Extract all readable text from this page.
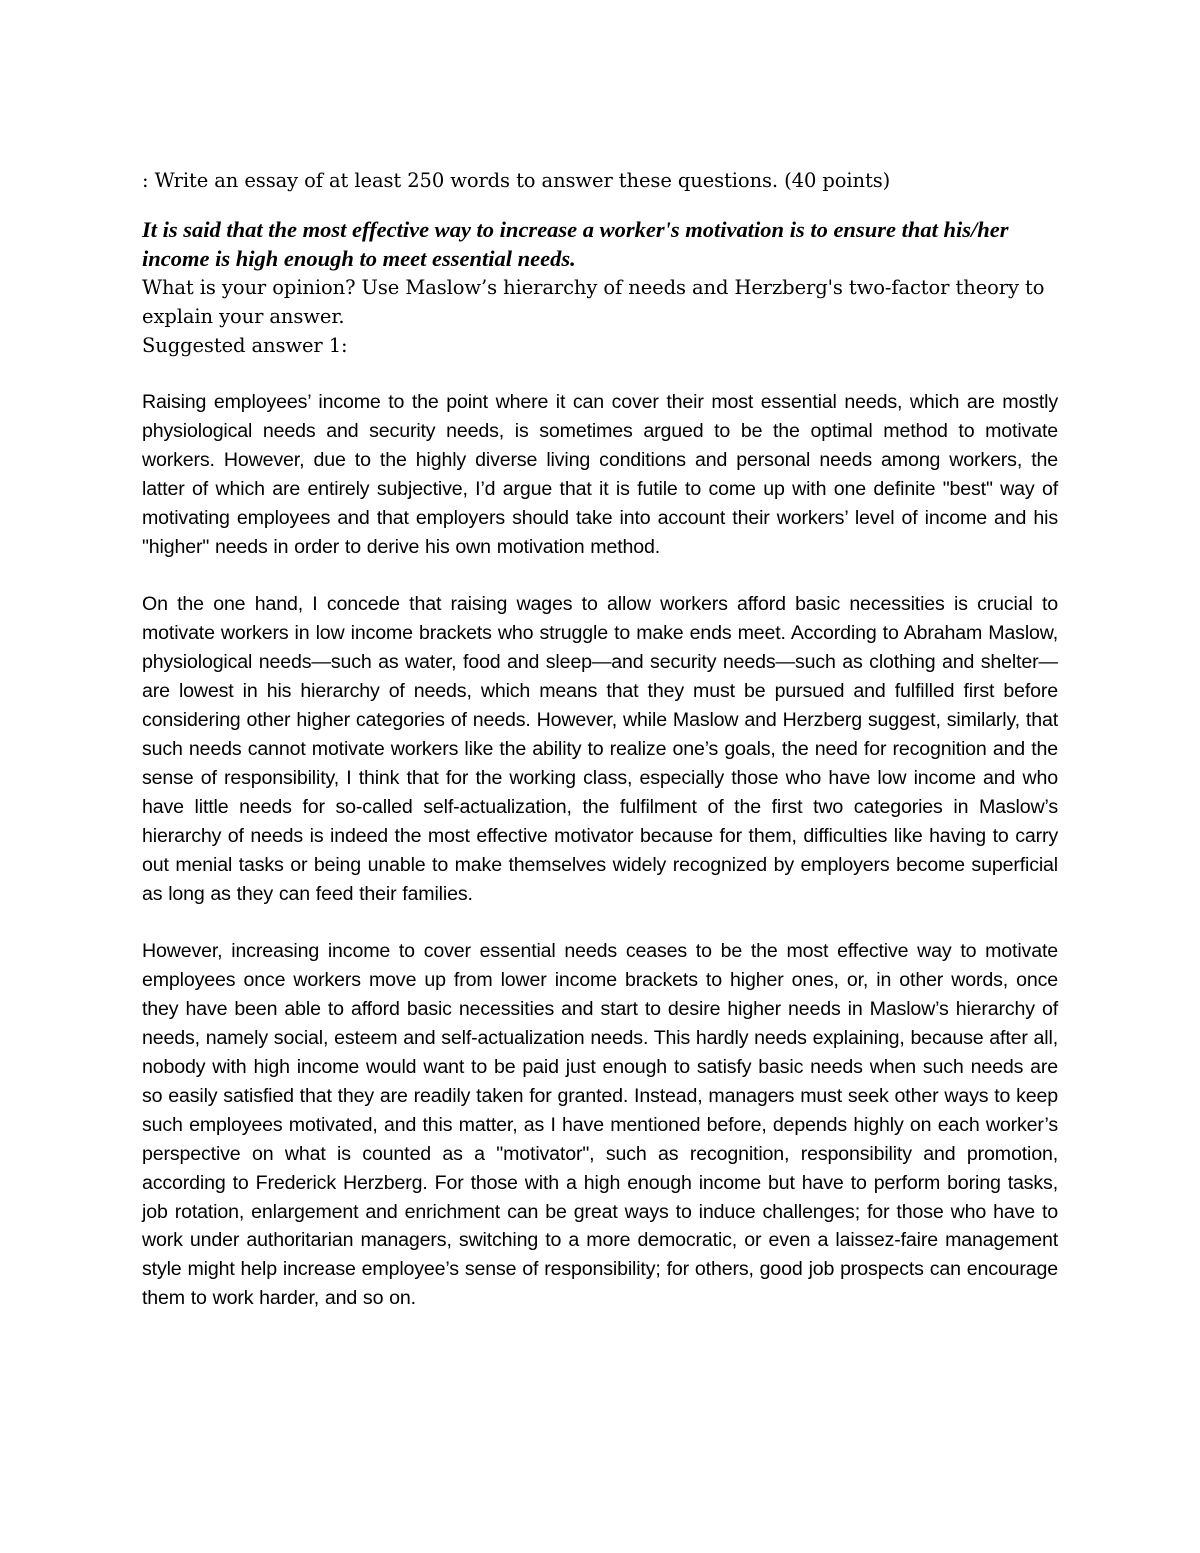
: Write an essay of at least 250 words to answer these questions. (40 points)

It is said that the most effective way to increase a worker's motivation is to ensure that his/her income is high enough to meet essential needs.

What is your opinion? Use Maslow’s hierarchy of needs and Herzberg's two-factor theory to explain your answer.

Suggested answer 1:

Raising employees’ income to the point where it can cover their most essential needs, which are mostly physiological needs and security needs, is sometimes argued to be the optimal method to motivate workers. However, due to the highly diverse living conditions and personal needs among workers, the latter of which are entirely subjective, I’d argue that it is futile to come up with one definite "best" way of motivating employees and that employers should take into account their workers’ level of income and his "higher" needs in order to derive his own motivation method.

On the one hand, I concede that raising wages to allow workers afford basic necessities is crucial to motivate workers in low income brackets who struggle to make ends meet. According to Abraham Maslow, physiological needs—such as water, food and sleep—and security needs—such as clothing and shelter—are lowest in his hierarchy of needs, which means that they must be pursued and fulfilled first before considering other higher categories of needs. However, while Maslow and Herzberg suggest, similarly, that such needs cannot motivate workers like the ability to realize one’s goals, the need for recognition and the sense of responsibility, I think that for the working class, especially those who have low income and who have little needs for so-called self-actualization, the fulfilment of the first two categories in Maslow’s hierarchy of needs is indeed the most effective motivator because for them, difficulties like having to carry out menial tasks or being unable to make themselves widely recognized by employers become superficial as long as they can feed their families.

However, increasing income to cover essential needs ceases to be the most effective way to motivate employees once workers move up from lower income brackets to higher ones, or, in other words, once they have been able to afford basic necessities and start to desire higher needs in Maslow’s hierarchy of needs, namely social, esteem and self-actualization needs. This hardly needs explaining, because after all, nobody with high income would want to be paid just enough to satisfy basic needs when such needs are so easily satisfied that they are readily taken for granted. Instead, managers must seek other ways to keep such employees motivated, and this matter, as I have mentioned before, depends highly on each worker’s perspective on what is counted as a "motivator", such as recognition, responsibility and promotion, according to Frederick Herzberg. For those with a high enough income but have to perform boring tasks, job rotation, enlargement and enrichment can be great ways to induce challenges; for those who have to work under authoritarian managers, switching to a more democratic, or even a laissez-faire management style might help increase employee’s sense of responsibility; for others, good job prospects can encourage them to work harder, and so on.
